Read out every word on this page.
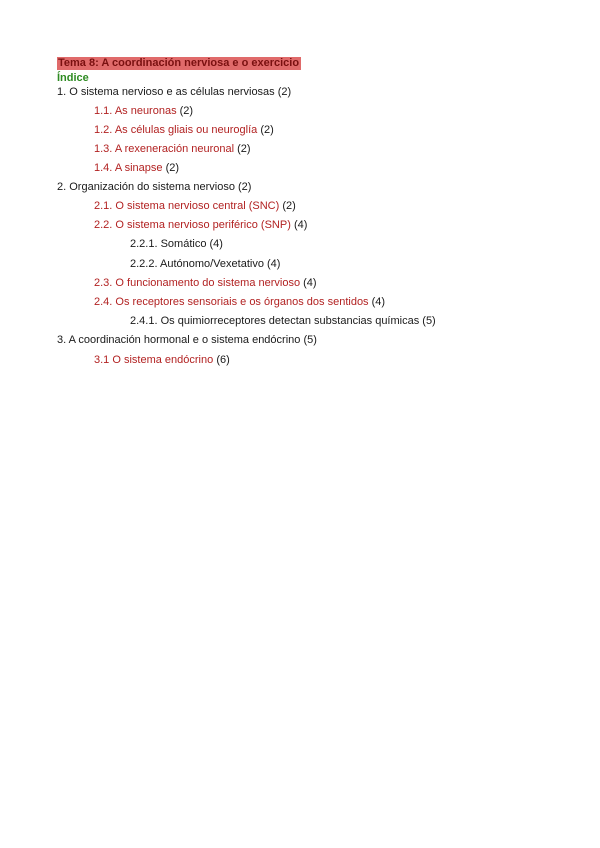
Tema 8: A coordinación nerviosa e o exercicio
Índice
1. O sistema nervioso e as células nerviosas (2)
1.1. As neuronas (2)
1.2. As células gliais ou neuroglía (2)
1.3. A rexeneración neuronal (2)
1.4. A sinapse (2)
2. Organización do sistema nervioso (2)
2.1. O sistema nervioso central (SNC) (2)
2.2. O sistema nervioso periférico (SNP) (4)
2.2.1. Somático (4)
2.2.2. Autónomo/Vexetativo (4)
2.3. O funcionamento do sistema nervioso (4)
2.4. Os receptores sensoriais e os órganos dos sentidos (4)
2.4.1. Os quimiorreceptores detectan substancias químicas (5)
3. A coordinación hormonal e o sistema endócrino (5)
3.1 O sistema endócrino (6)
